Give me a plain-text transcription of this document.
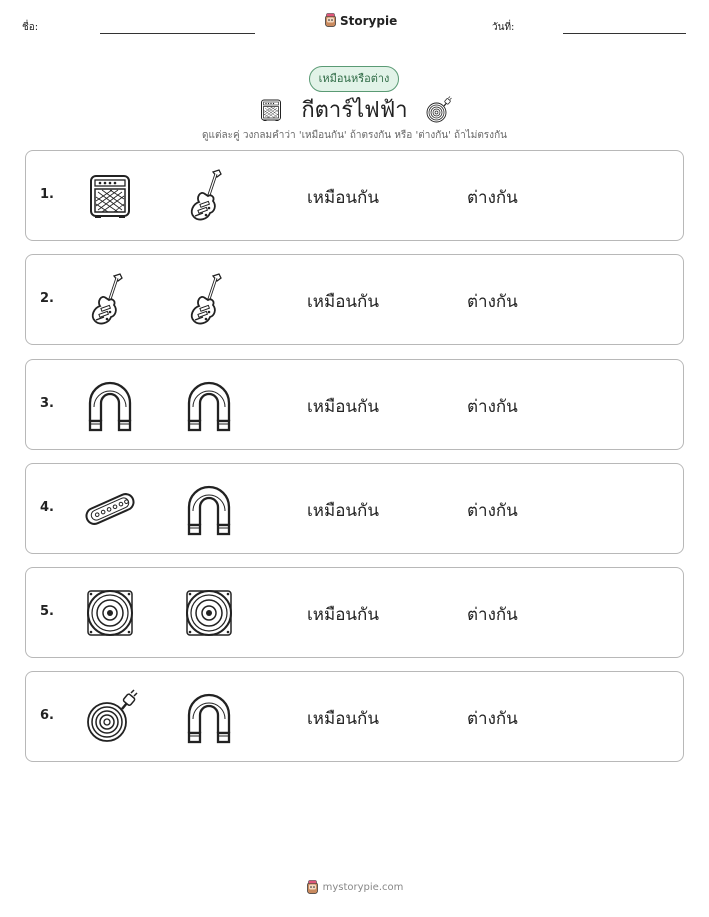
ชื่อ:	Storypie	วันที่:
เหมือนหรือต่าง
กีตาร์ไฟฟ้า
ดูแต่ละคู่ วงกลมคำว่า 'เหมือนกัน' ถ้าตรงกัน หรือ 'ต่างกัน' ถ้าไม่ตรงกัน
1.	เหมือนกัน	ต่างกัน
2.	เหมือนกัน	ต่างกัน
3.	เหมือนกัน	ต่างกัน
4.	เหมือนกัน	ต่างกัน
5.	เหมือนกัน	ต่างกัน
6.	เหมือนกัน	ต่างกัน
mystorypie.com
